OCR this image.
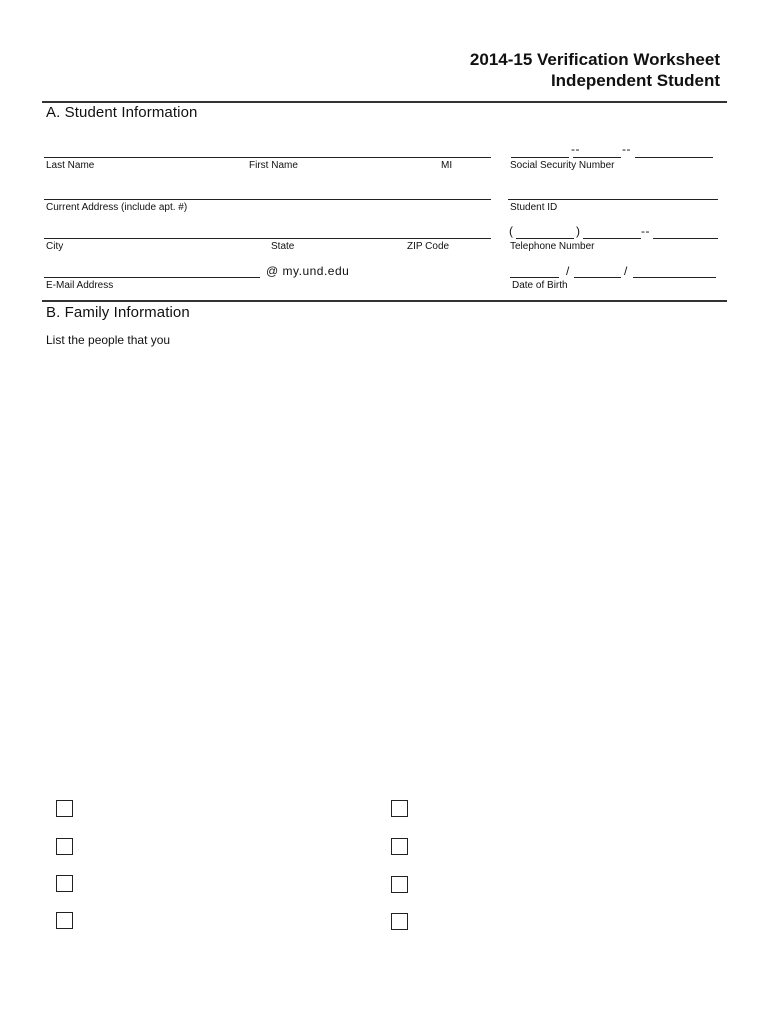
2014-15 Verification Worksheet
Independent Student
A. Student Information
Last Name	First Name	MI
--	--
Social Security Number
Current Address (include apt. #)	Student ID
City	State	ZIP Code
(	)	--
Telephone Number
@ my.und.edu
E-Mail Address
/	/
Date of Birth
B. Family Information
List the people that you
